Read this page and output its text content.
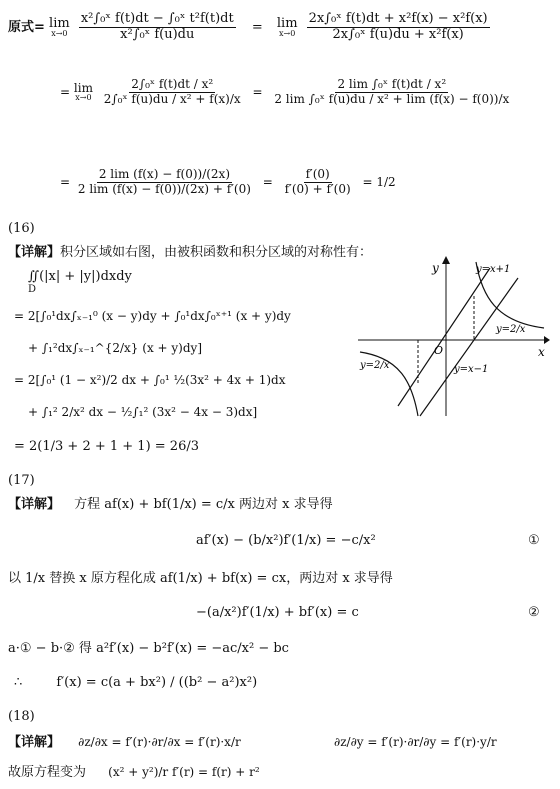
原式= lim
x→0
$\frac{\text{x²∫₀ˣ f(t)dt − ∫₀ˣ t²f(t)dt}}{\text{x²∫₀ˣ f(u)du}} = \lim$
x→0
$\frac{\text{2x∫₀ˣ f(t)dt + x²f(x) − x²f(x)}}{\text{2x∫₀ˣ f(u)du + x²f(x)}}$
= lim
x→0
$\frac{\text{2∫₀ˣ f(t)dt / x²}}{\text{2∫₀ˣ f(u)du / x² + f(x)/x}} = \frac{\text{2 lim ∫₀ˣ f(t)dt / x²}}{\text{2 lim ∫₀ˣ f(u)du / x² + lim (f(x) − f(0))/x}}$
= $\frac{2 \lim (f(x) - f(0))/(2x)}{2 \lim (f(x) - f(0))/(2x) + f'(0)} = \frac{f'(0)}{f'(0) + f'(0)} = 1/2$
(16)
【详解】积分区域如右图，由被积函数和积分区域的对称性有：
∬(|x| + |y|)dxdy
D
= 2[∫₀¹dx∫ₓ₋₁⁰ (x − y)dy + ∫₀¹dx∫₀ˣ⁺¹ (x + y)dy
+ ∫₁²dx∫ₓ₋₁^{2/x} (x + y)dy]
= 2[∫₀¹ (1 − x²)/2 dx + ∫₀¹ ½(3x² + 4x + 1)dx
+ ∫₁² 2/x² dx − ½∫₁² (3x² − 4x − 3)dx]
= 2(1/3 + 2 + 1 + 1) = 26/3
y
x
O
y=x+1
y=2/x
y=2/x	y=x−1
(17)
【详解】 方程 af(x) + bf(1/x) = c/x 两边对 x 求导得
af′(x) − (b/x²)f′(1/x) = −c/x²	①
以 1/x 替换 x 原方程化成 af(1/x) + bf(x) = cx，两边对 x 求导得
−(a/x²)f′(1/x) + bf′(x) = c	②
a·① − b·② 得 a²f′(x) − b²f′(x) = −ac/x² − bc
∴	f′(x) = c(a + bx²) / ((b² − a²)x²)
(18)
【详解】 ∂z/∂x = f′(r)·∂r/∂x = f′(r)·x/r	∂z/∂y = f′(r)·∂r/∂y = f′(r)·y/r
故原方程变为 (x² + y²)/r f′(r) = f(r) + r²
